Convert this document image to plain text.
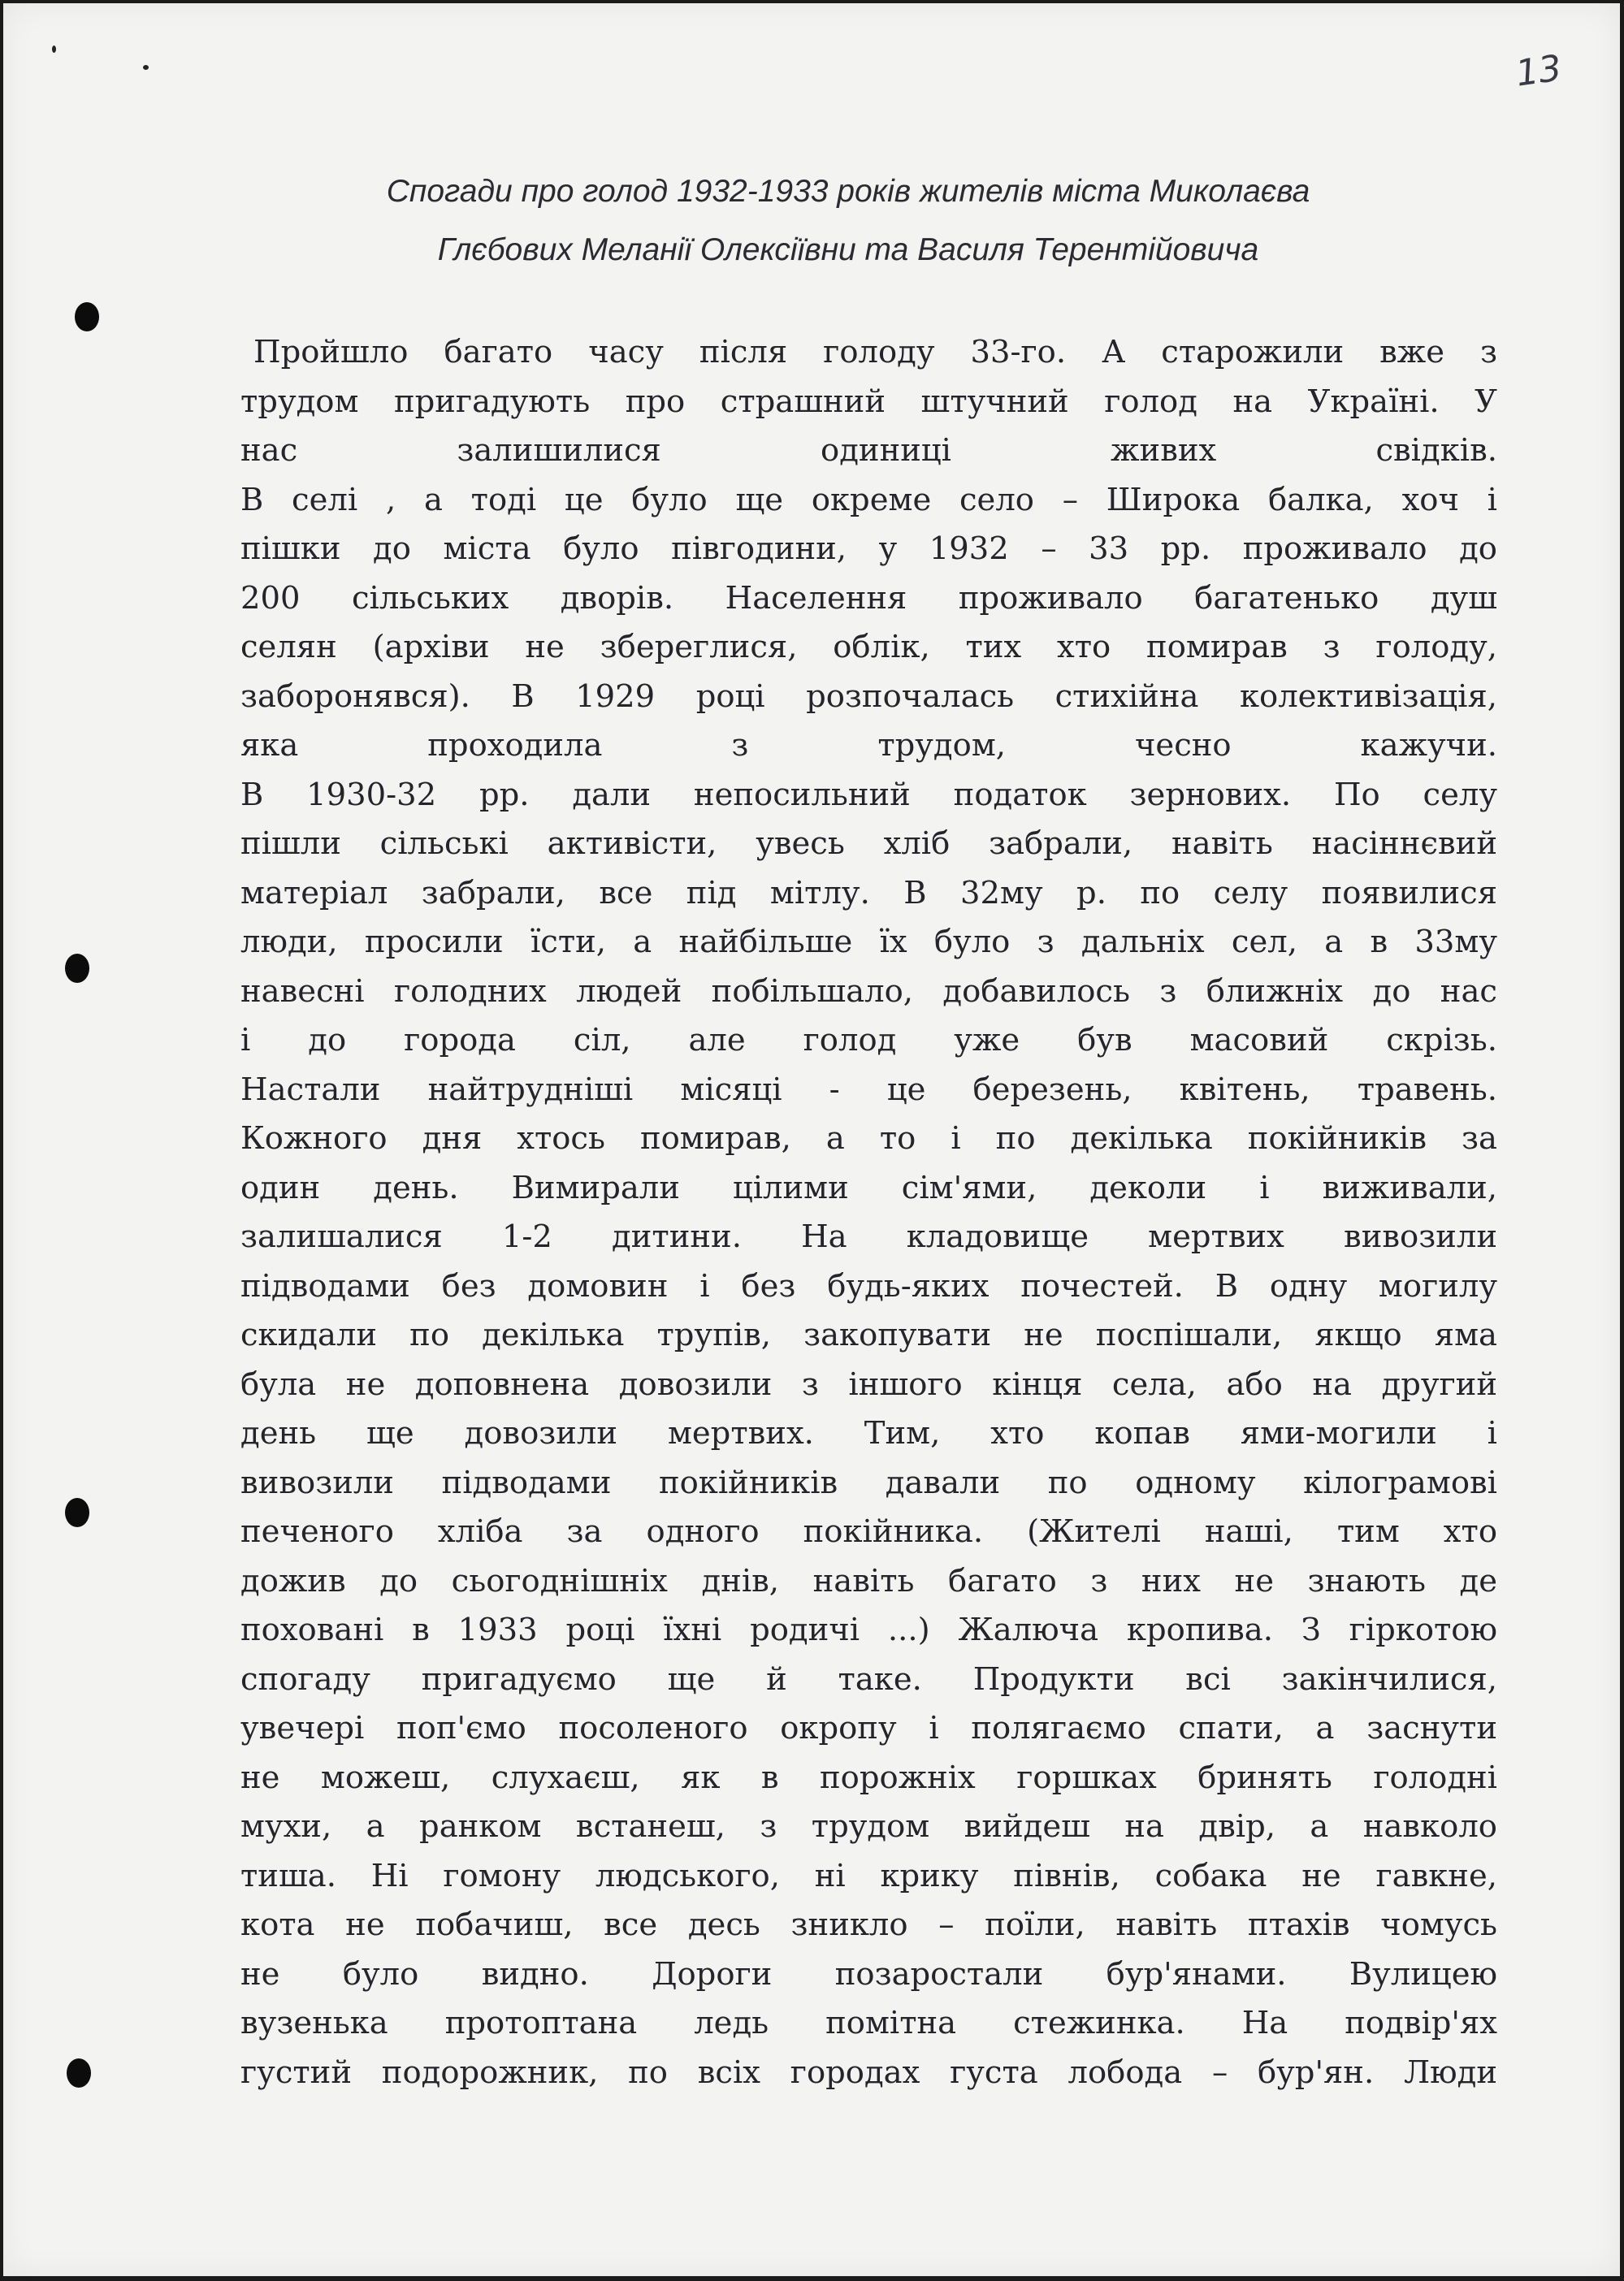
13
Спогади про голод 1932-1933 років жителів міста Миколаєва
Глєбових Меланії Олексіївни та Василя Терентійовича
Пройшло багато часу після голоду 33-го. А старожили вже з
трудом пригадують про страшний штучний голод на Україні. У
нас залишилися одиниці живих свідків.
В селі , а тоді це було ще окреме село – Широка балка, хоч і
пішки до міста було півгодини, у 1932 – 33 рр. проживало до
200 сільських дворів. Населення проживало багатенько душ
селян (архіви не збереглися, облік, тих хто помирав з голоду,
заборонявся). В 1929 році розпочалась стихійна колективізація,
яка проходила з трудом, чесно кажучи.
В 1930-32 рр. дали непосильний податок зернових. По селу
пішли сільські активісти, увесь хліб забрали, навіть насіннєвий
матеріал забрали, все під мітлу. В 32му р. по селу появилися
люди, просили їсти, а найбільше їх було з дальніх сел, а в 33му
навесні голодних людей побільшало, добавилось з ближніх до нас
і до города сіл, але голод уже був масовий скрізь.
Настали найтрудніші місяці - це березень, квітень, травень.
Кожного дня хтось помирав, а то і по декілька покійників за
один день. Вимирали цілими сім'ями, деколи і виживали,
залишалися 1-2 дитини. На кладовище мертвих вивозили
підводами без домовин і без будь-яких почестей. В одну могилу
скидали по декілька трупів, закопувати не поспішали, якщо яма
була не доповнена довозили з іншого кінця села, або на другий
день ще довозили мертвих. Тим, хто копав ями-могили і
вивозили підводами покійників давали по одному кілограмові
печеного хліба за одного покійника. (Жителі наші, тим хто
дожив до сьогоднішніх днів, навіть багато з них не знають де
поховані в 1933 році їхні родичі ...) Жалюча кропива. З гіркотою
спогаду пригадуємо ще й таке. Продукти всі закінчилися,
увечері поп'ємо посоленого окропу і полягаємо спати, а заснути
не можеш, слухаєш, як в порожніх горшках бринять голодні
мухи, а ранком встанеш, з трудом вийдеш на двір, а навколо
тиша. Ні гомону людського, ні крику півнів, собака не гавкне,
кота не побачиш, все десь зникло – поїли, навіть птахів чомусь
не було видно. Дороги позаростали бур'янами. Вулицею
вузенька протоптана ледь помітна стежинка. На подвір'ях
густий подорожник, по всіх городах густа лобода – бур'ян. Люди
